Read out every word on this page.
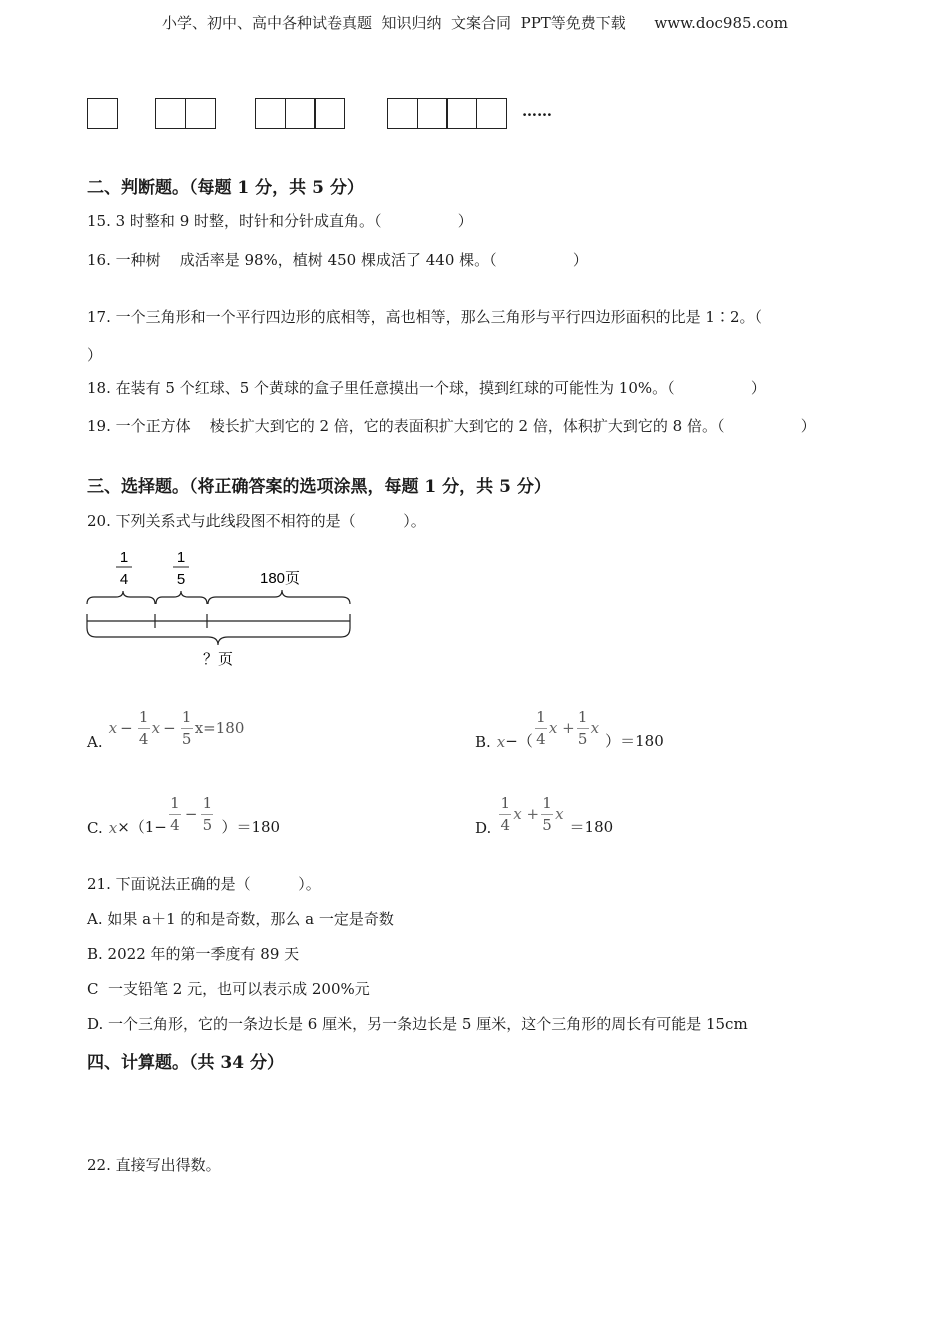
小学、初中、高中各种试卷真题  知识归纳  文案合同  PPT等免费下载      www.doc985.com
……
二、判断题。（每题 1 分，共 5 分）
15. 3 时整和 9 时整，时针和分针成直角。（                ）
16. 一种树    成活率是 98%，植树 450 棵成活了 440 棵。（                ）
17. 一个三角形和一个平行四边形的底相等，高也相等，那么三角形与平行四边形面积的比是 1∶2。（
）
18. 在装有 5 个红球、5 个黄球的盒子里任意摸出一个球，摸到红球的可能性为 10%。（                ）
19. 一个正方体    棱长扩大到它的 2 倍，它的表面积扩大到它的 2 倍，体积扩大到它的 8 倍。（                ）
三、选择题。（将正确答案的选项涂黑，每题 1 分，共 5 分）
20. 下列关系式与此线段图不相符的是（          ）。
1
4
1
5	180页
？页
A.
$x - \frac{1}{4}$ $x - \frac{1}{5} x=180$
B. x −（ $\frac{1}{4}$ $x + \frac{1}{5}$ x
）＝180
C. $x \times(1- \frac{1}{4} - \frac{1}{5} )=180$	D. $\frac{1}{4}$ $x + \frac{1}{5}$ x
＝180
21. 下面说法正确的是（          ）。
A. 如果 a＋1 的和是奇数，那么 a 一定是奇数
B. 2022 年的第一季度有 89 天
C  一支铅笔 2 元，也可以表示成 200%元
D. 一个三角形，它的一条边长是 6 厘米，另一条边长是 5 厘米，这个三角形的周长有可能是 15cm
四、计算题。（共 34 分）
22. 直接写出得数。
